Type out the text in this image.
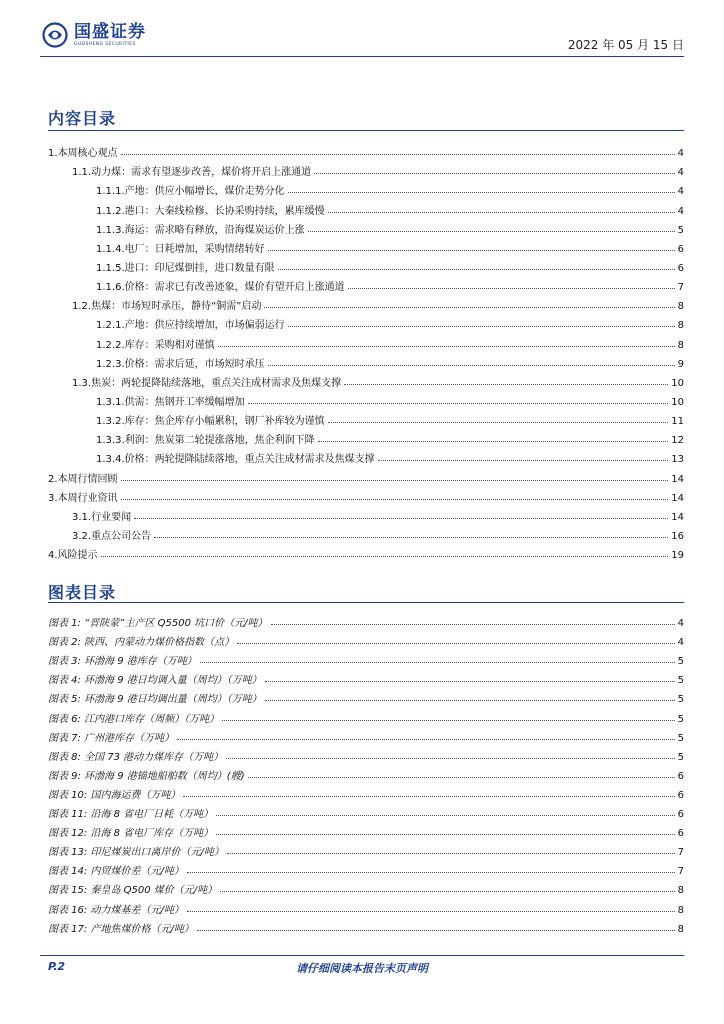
国盛证券
GUOSHENG SECURITIES	2022 年 05 月 15 日
内容目录
1.本周核心观点	4
1.1.动力煤：需求有望逐步改善，煤价将开启上涨通道	4
1.1.1.产地：供应小幅增长，煤价走势分化	4
1.1.2.港口：大秦线检修、长协采购持续，累库缓慢	4
1.1.3.海运：需求略有释放，沿海煤炭运价上涨	5
1.1.4.电厂：日耗增加，采购情绪转好	6
1.1.5.进口：印尼煤倒挂，进口数量有限	6
1.1.6.价格：需求已有改善迹象，煤价有望开启上涨通道	7
1.2.焦煤：市场短时承压，静待“铜需”启动	8
1.2.1.产地：供应持续增加，市场偏弱运行	8
1.2.2.库存：采购相对谨慎	8
1.2.3.价格：需求后延，市场短时承压	9
1.3.焦炭：两轮提降陆续落地，重点关注成材需求及焦煤支撑	10
1.3.1.供需：焦钢开工率缓幅增加	10
1.3.2.库存：焦企库存小幅累积，钢厂补库较为谨慎	11
1.3.3.利润：焦炭第二轮提涨落地，焦企利润下降	12
1.3.4.价格：两轮提降陆续落地，重点关注成材需求及焦煤支撑	13
2.本周行情回顾	14
3.本周行业资讯	14
3.1.行业要闻	14
3.2.重点公司公告	16
4.风险提示	19
图表目录
图表 1: “晋陕蒙”主产区 Q5500 坑口价（元/吨）	4
图表 2: 陕西、内蒙动力煤价格指数（点）	4
图表 3: 环渤海 9 港库存（万吨）	5
图表 4: 环渤海 9 港日均调入量（周均）（万吨）	5
图表 5: 环渤海 9 港日均调出量（周均）（万吨）	5
图表 6: 江内港口库存（周频）（万吨）	5
图表 7: 广州港库存（万吨）	5
图表 8: 全国 73 港动力煤库存（万吨）	5
图表 9: 环渤海 9 港锚地船舶数（周均）(艘)	6
图表 10: 国内海运费（万吨）	6
图表 11: 沿海 8 省电厂日耗（万吨）	6
图表 12: 沿海 8 省电厂库存（万吨）	6
图表 13: 印尼煤炭出口离岸价（元/吨）	7
图表 14: 内贸煤价差（元/吨）	7
图表 15: 秦皇岛 Q500 煤价（元/吨）	8
图表 16: 动力煤基差（元/吨）	8
图表 17: 产地焦煤价格（元/吨）	8
P.2	请仔细阅读本报告末页声明
